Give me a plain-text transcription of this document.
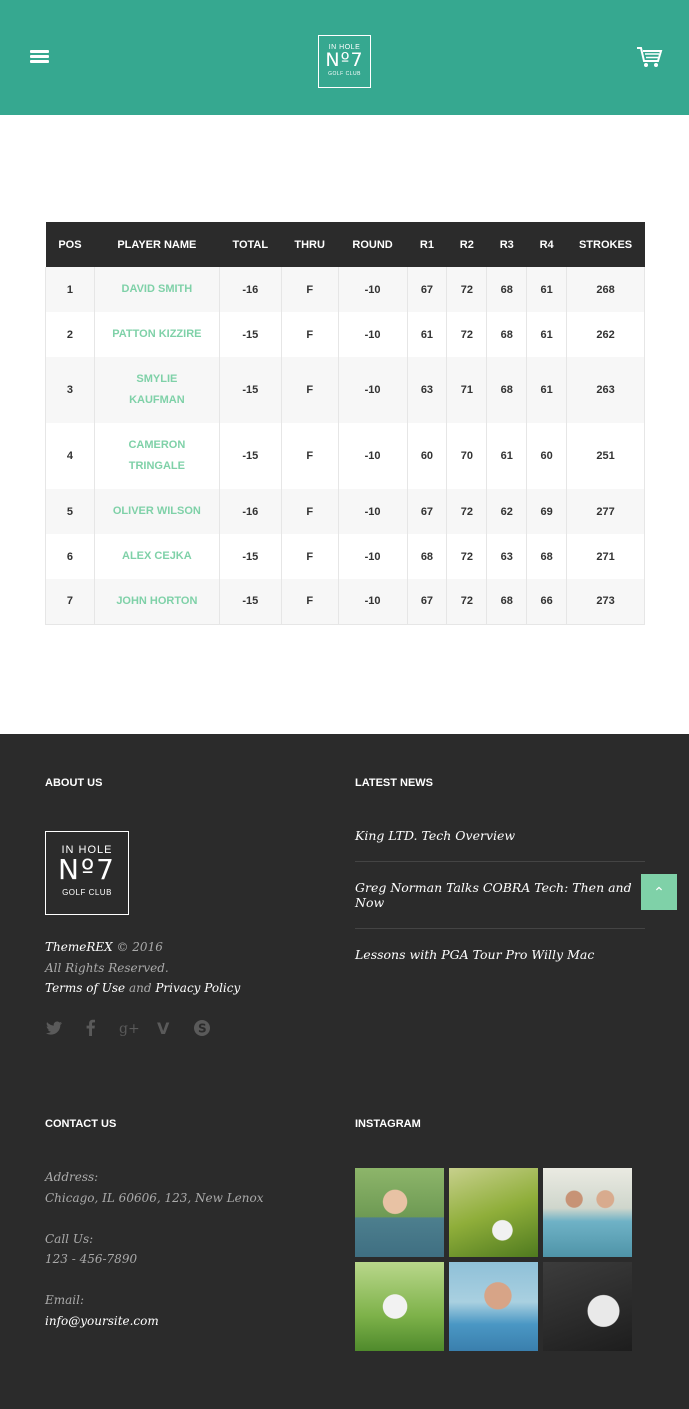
IN HOLE
Nº7
GOLF CLUB
POS	PLAYER NAME	TOTAL	THRU	ROUND	R1	R2	R3	R4	STROKES
1	DAVID SMITH	-16	F	-10	67	72	68	61	268
2	PATTON KIZZIRE	-15	F	-10	61	72	68	61	262
3	SMYLIE KAUFMAN	-15	F	-10	63	71	68	61	263
4	CAMERON TRINGALE	-15	F	-10	60	70	61	60	251
5	OLIVER WILSON	-16	F	-10	67	72	62	69	277
6	ALEX CEJKA	-15	F	-10	68	72	63	68	271
7	JOHN HORTON	-15	F	-10	67	72	68	66	273
ABOUT US	LATEST NEWS
IN HOLE
Nº7
GOLF CLUB
ThemeREX © 2016
All Rights Reserved.
Terms of Use and Privacy Policy
g+ V S
King LTD. Tech Overview
Greg Norman Talks COBRA Tech: Then and Now
Lessons with PGA Tour Pro Willy Mac
CONTACT US	INSTAGRAM
Address:
Chicago, IL 60606, 123, New Lenox
Call Us:
123 - 456-7890
Email:
info@yoursite.com
⌃
